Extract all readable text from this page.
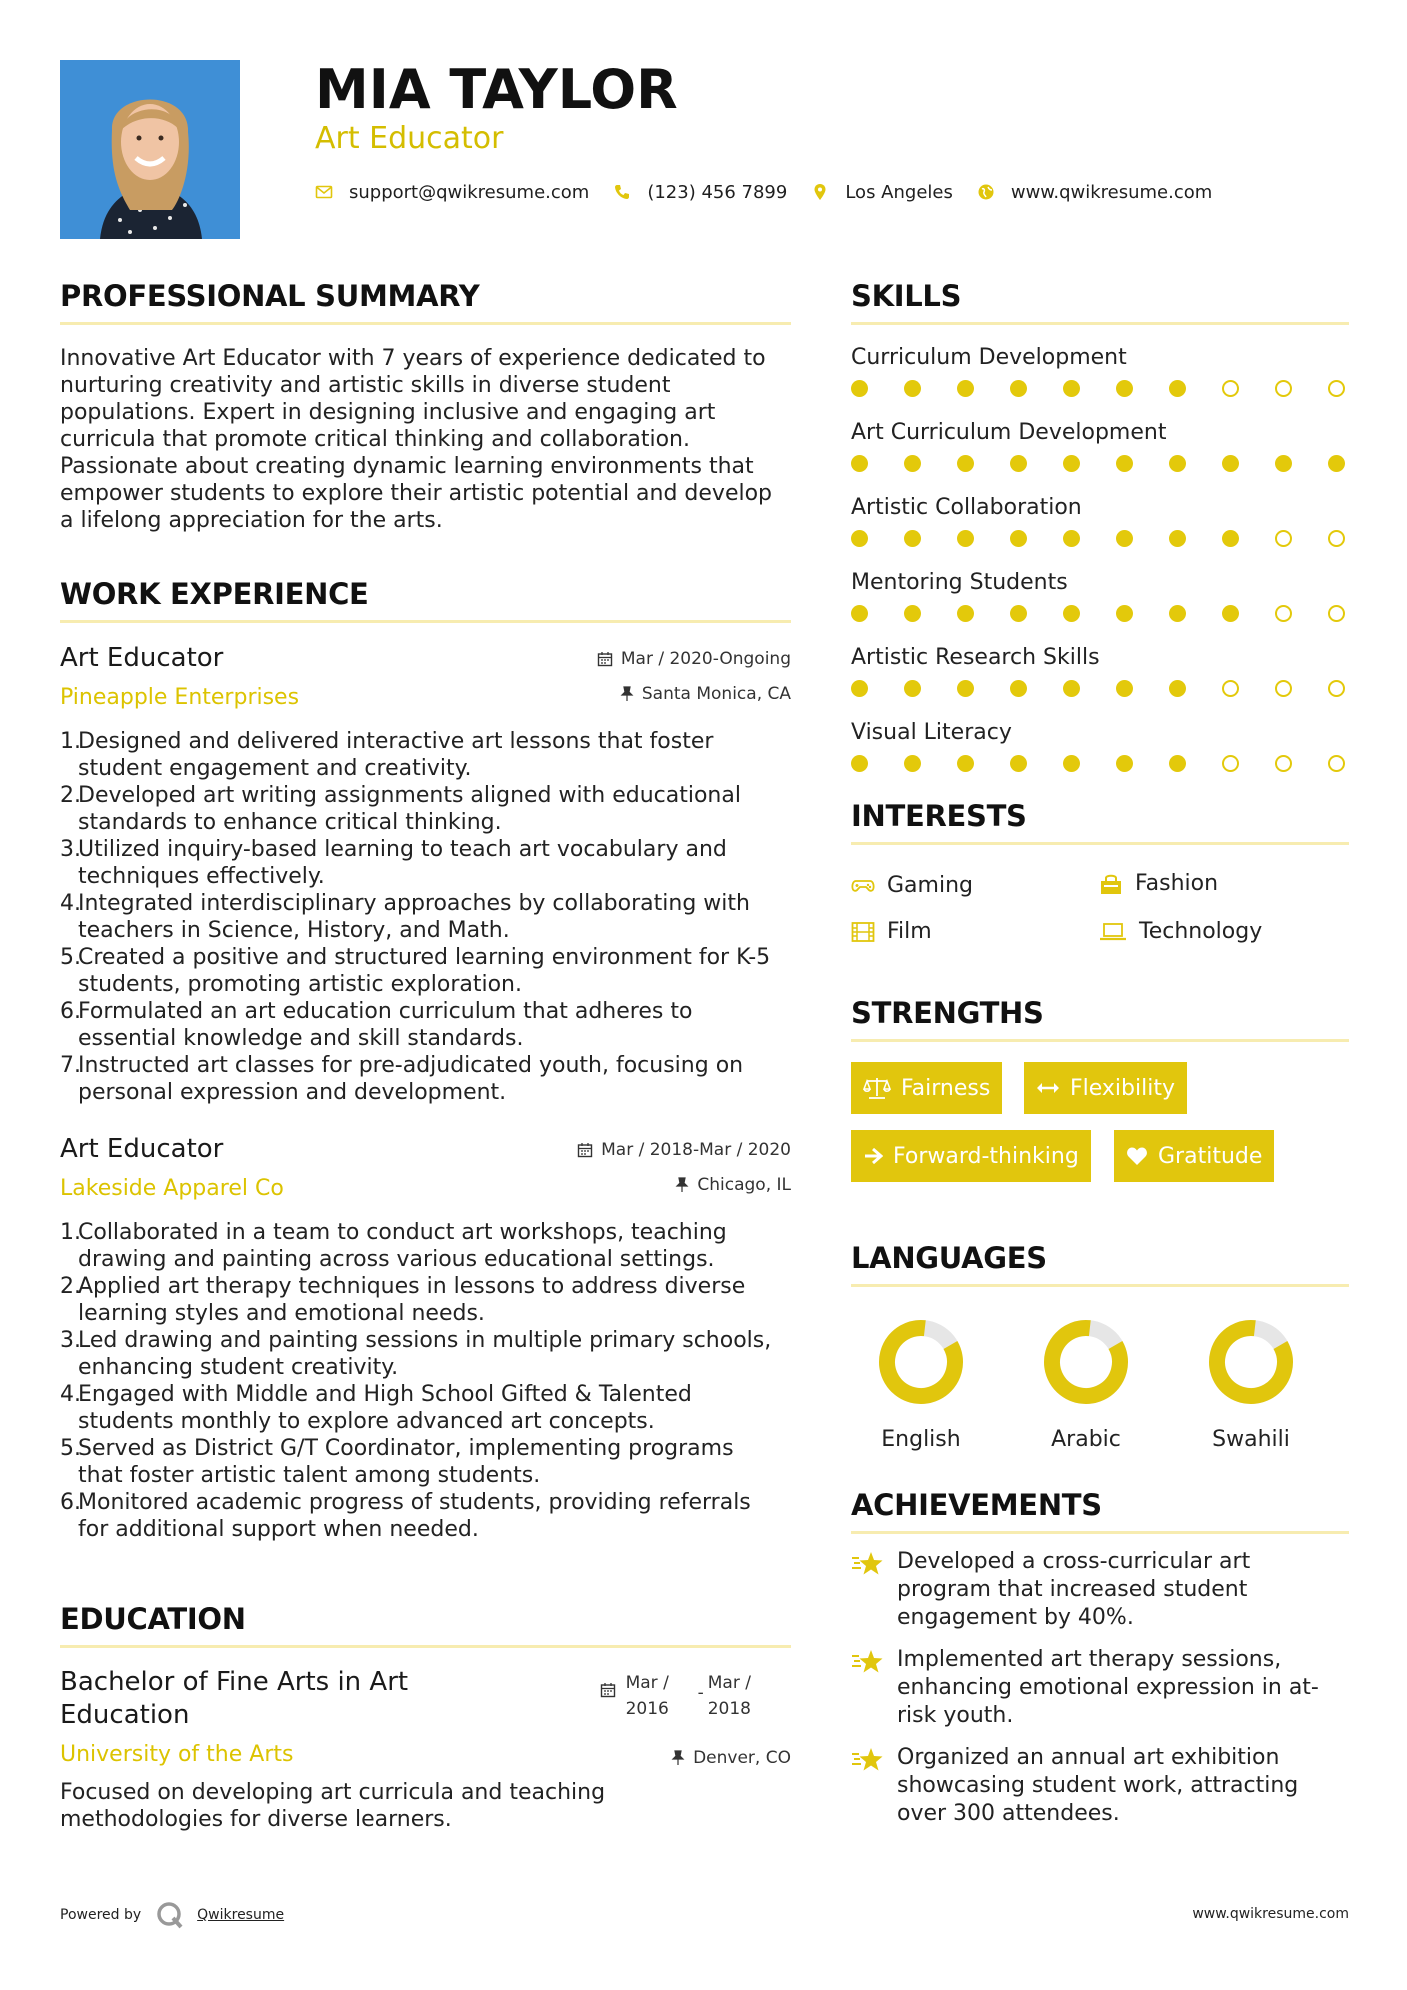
MIA TAYLOR
Art Educator
support@qwikresume.com	(123) 456 7899	Los Angeles	www.qwikresume.com
PROFESSIONAL SUMMARY
Innovative Art Educator with 7 years of experience dedicated to
nurturing creativity and artistic skills in diverse student
populations. Expert in designing inclusive and engaging art
curricula that promote critical thinking and collaboration.
Passionate about creating dynamic learning environments that
empower students to explore their artistic potential and develop
a lifelong appreciation for the arts.
WORK EXPERIENCE
Art Educator
Pineapple Enterprises
Mar / 2020-Ongoing
Santa Monica, CA
1.
Designed and delivered interactive art lessons that foster
student engagement and creativity.
2.
Developed art writing assignments aligned with educational
standards to enhance critical thinking.
3.
Utilized inquiry-based learning to teach art vocabulary and
techniques effectively.
4.
Integrated interdisciplinary approaches by collaborating with
teachers in Science, History, and Math.
5.
Created a positive and structured learning environment for K-5
students, promoting artistic exploration.
6.
Formulated an art education curriculum that adheres to
essential knowledge and skill standards.
7.
Instructed art classes for pre-adjudicated youth, focusing on
personal expression and development.
Art Educator
Lakeside Apparel Co
Mar / 2018-Mar / 2020
Chicago, IL
1.
Collaborated in a team to conduct art workshops, teaching
drawing and painting across various educational settings.
2.
Applied art therapy techniques in lessons to address diverse
learning styles and emotional needs.
3.
Led drawing and painting sessions in multiple primary schools,
enhancing student creativity.
4.
Engaged with Middle and High School Gifted & Talented
students monthly to explore advanced art concepts.
5.
Served as District G/T Coordinator, implementing programs
that foster artistic talent among students.
6.
Monitored academic progress of students, providing referrals
for additional support when needed.
EDUCATION
Bachelor of Fine Arts in Art
Education
University of the Arts
Mar /
2016
- Mar /
2018
Denver, CO
Focused on developing art curricula and teaching
methodologies for diverse learners.
SKILLS
Curriculum Development
Art Curriculum Development
Artistic Collaboration
Mentoring Students
Artistic Research Skills
Visual Literacy
INTERESTS
Gaming	Fashion
Film	Technology
STRENGTHS
Fairness	Flexibility
Forward-thinking	Gratitude
LANGUAGES
English	Arabic	Swahili
ACHIEVEMENTS
Developed a cross-curricular art
program that increased student
engagement by 40%.
Implemented art therapy sessions,
enhancing emotional expression in at-
risk youth.
Organized an annual art exhibition
showcasing student work, attracting
over 300 attendees.
Powered by	Qwikresume	www.qwikresume.com
